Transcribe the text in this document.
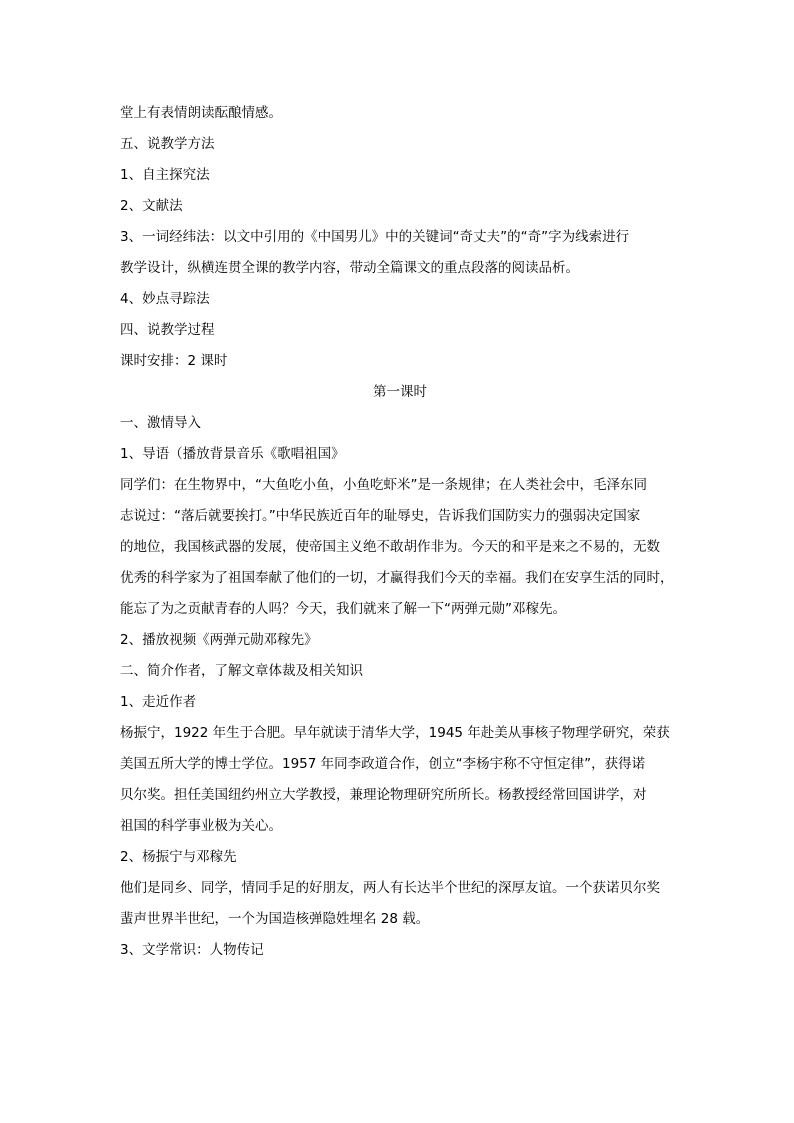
堂上有表情朗读酝酿情感。

五、说教学方法

1、自主探究法

2、文献法

3、一词经纬法：以文中引用的《中国男儿》中的关键词“奇丈夫”的“奇”字为线索进行

教学设计，纵横连贯全课的教学内容，带动全篇课文的重点段落的阅读品析。

4、妙点寻踪法

四、说教学过程

课时安排：2 课时

第一课时

一、激情导入

1、导语（播放背景音乐《歌唱祖国》

同学们：在生物界中，“大鱼吃小鱼，小鱼吃虾米”是一条规律；在人类社会中，毛泽东同

志说过：“落后就要挨打。”中华民族近百年的耻辱史，告诉我们国防实力的强弱决定国家

的地位，我国核武器的发展，使帝国主义绝不敢胡作非为。今天的和平是来之不易的，无数

优秀的科学家为了祖国奉献了他们的一切，才赢得我们今天的幸福。我们在安享生活的同时，

能忘了为之贡献青春的人吗？今天，我们就来了解一下“两弹元勋”邓稼先。

2、播放视频《两弹元勋邓稼先》

二、简介作者，了解文章体裁及相关知识

1、走近作者

杨振宁，1922 年生于合肥。早年就读于清华大学，1945 年赴美从事核子物理学研究，荣获

美国五所大学的博士学位。1957 年同李政道合作，创立“李杨宇称不守恒定律”，获得诺

贝尔奖。担任美国纽约州立大学教授，兼理论物理研究所所长。杨教授经常回国讲学，对

祖国的科学事业极为关心。

2、杨振宁与邓稼先

他们是同乡、同学，情同手足的好朋友，两人有长达半个世纪的深厚友谊。一个获诺贝尔奖

蜚声世界半世纪，一个为国造核弹隐姓埋名 28 载。

3、文学常识：人物传记
